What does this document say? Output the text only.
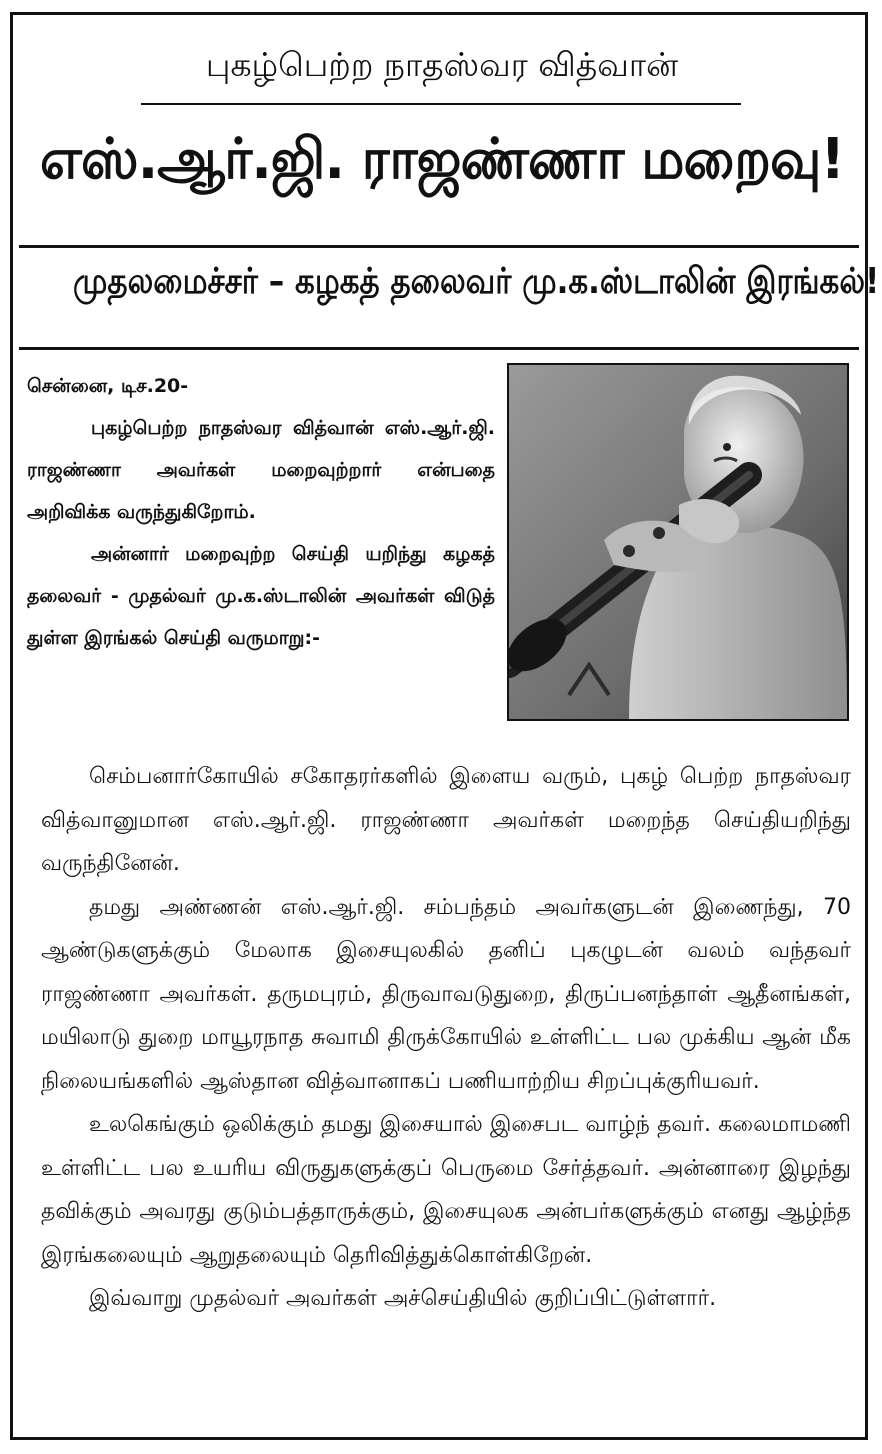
புகழ்பெற்ற நாதஸ்வர வித்வான்
எஸ்.ஆர்.ஜி. ராஜண்ணா மறைவு!
முதலமைச்சர் – கழகத் தலைவர் மு.க.ஸ்டாலின் இரங்கல்!

சென்னை, டிச.20-

புகழ்பெற்ற நாதஸ்வர வித்வான் எஸ்.ஆர்.ஜி. ராஜண்ணா அவர்கள் மறைவுற்றார் என்பதை அறிவிக்க வருந்துகிறோம்.

அன்னார் மறைவுற்ற செய்தி யறிந்து கழகத் தலைவர் - முதல்வர் மு.க.ஸ்டாலின் அவர்கள் விடுத் துள்ள இரங்கல் செய்தி வருமாறு:-

செம்பனார்கோயில் சகோதரர்களில் இளைய வரும், புகழ் பெற்ற நாதஸ்வர வித்வானுமான எஸ்.ஆர்.ஜி. ராஜண்ணா அவர்கள் மறைந்த செய்தியறிந்து வருந்தினேன்.

தமது அண்ணன் எஸ்.ஆர்.ஜி. சம்பந்தம் அவர்களுடன் இணைந்து, 70 ஆண்டுகளுக்கும் மேலாக இசையுலகில் தனிப் புகழுடன் வலம் வந்தவர் ராஜண்ணா அவர்கள். தருமபுரம், திருவாவடுதுறை, திருப்பனந்தாள் ஆதீனங்கள், மயிலாடு துறை மாயூரநாத சுவாமி திருக்கோயில் உள்ளிட்ட பல முக்கிய ஆன் மீக நிலையங்களில் ஆஸ்தான வித்வானாகப் பணியாற்றிய சிறப்புக்குரியவர்.

உலகெங்கும் ஒலிக்கும் தமது இசையால் இசைபட வாழ்ந் தவர். கலைமாமணி உள்ளிட்ட பல உயரிய விருதுகளுக்குப் பெருமை சேர்த்தவர். அன்னாரை இழந்து தவிக்கும் அவரது குடும்பத்தாருக்கும், இசையுலக அன்பர்களுக்கும் எனது ஆழ்ந்த இரங்கலையும் ஆறுதலையும் தெரிவித்துக்கொள்கிறேன்.

இவ்வாறு முதல்வர் அவர்கள் அச்செய்தியில் குறிப்பிட்டுள்ளார்.
